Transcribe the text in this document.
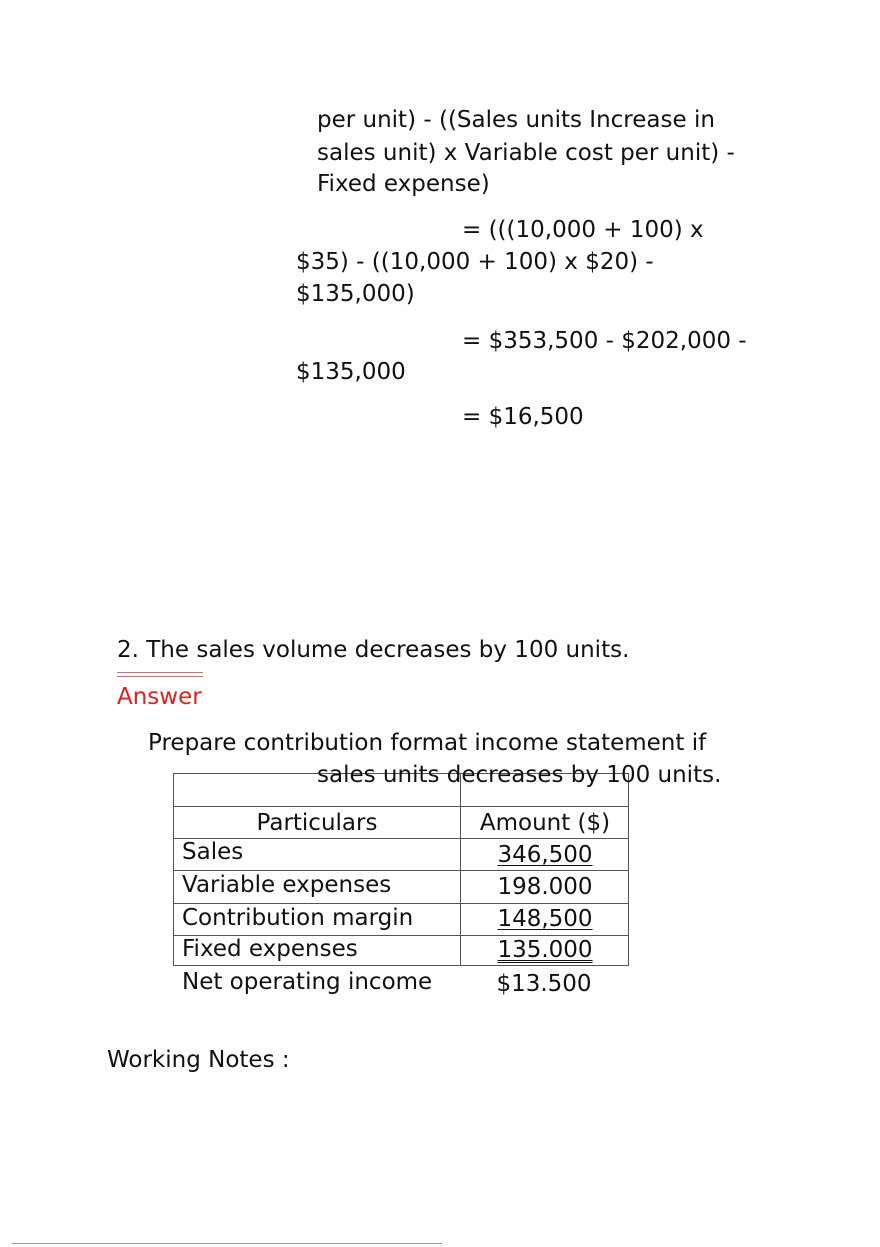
per unit) - ((Sales units Increase in
sales unit) x Variable cost per unit) -
Fixed expense)
= (((10,000 + 100) x
$35) - ((10,000 + 100) x $20) -
$135,000)
= $353,500 - $202,000 -
$135,000
= $16,500
2. The sales volume decreases by 100 units.
Answer
Prepare contribution format income statement if
Particulars	Amount ($)
Sales	346,500
Variable expenses	198.000
Contribution margin	148,500
Fixed expenses	135.000
sales units decreases by 100 units.
Net operating income	$13.500
Working Notes :
